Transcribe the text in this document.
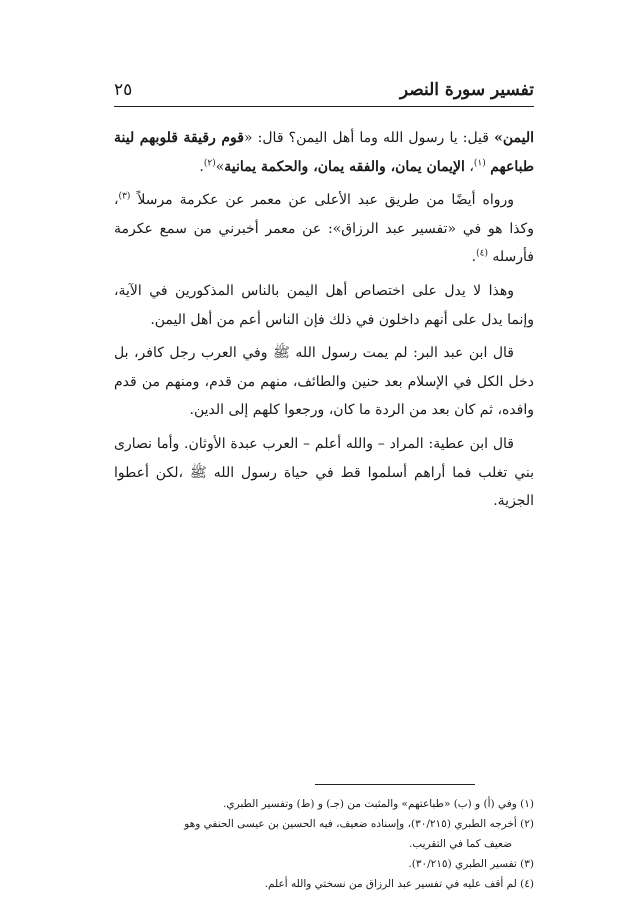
تفسير سورة النصر
٢٥

اليمن» قيل: يا رسول الله وما أهل اليمن؟ قال: «قوم رقيقة قلوبهم لينة طباعهم $^{(١)}$، الإيمان يمان، والفقه يمان، والحكمة يمانية»$^{(٢)}$.

ورواه أيضًا من طريق عبد الأعلى عن معمر عن عكرمة مرسلاً $^{(٣)}$، وكذا هو في «تفسير عبد الرزاق»: عن معمر أخبرني من سمع عكرمة فأرسله $^{(٤)}$.

وهذا لا يدل على اختصاص أهل اليمن بالناس المذكورين في الآية، وإنما يدل على أنهم داخلون في ذلك فإن الناس أعم من أهل اليمن.

قال ابن عبد البر: لم يمت رسول الله ﷺ وفي العرب رجل كافر، بل دخل الكل في الإسلام بعد حنين والطائف، منهم من قدم، ومنهم من قدم وافده، ثم كان بعد من الردة ما كان، ورجعوا كلهم إلى الدين.

قال ابن عطية: المراد – والله أعلم – العرب عبدة الأوثان. وأما نصارى بني تغلب فما أراهم أسلموا قط في حياة رسول الله ﷺ ،لكن أعطوا الجزية.

(١) وفي (أ) و (ب) «طباعتهم» والمثبت من (جـ) و (ط) وتفسير الطبري.

(٢) أخرجه الطبري (٣٠/٢١٥)، وإسناده ضعيف، فيه الحسين بن عيسى الحنفي وهو

ضعيف كما في التقريب.

(٣) تفسير الطبري (٣٠/٢١٥).

(٤) لم أقف عليه في تفسير عبد الرزاق من نسختي والله أعلم.
